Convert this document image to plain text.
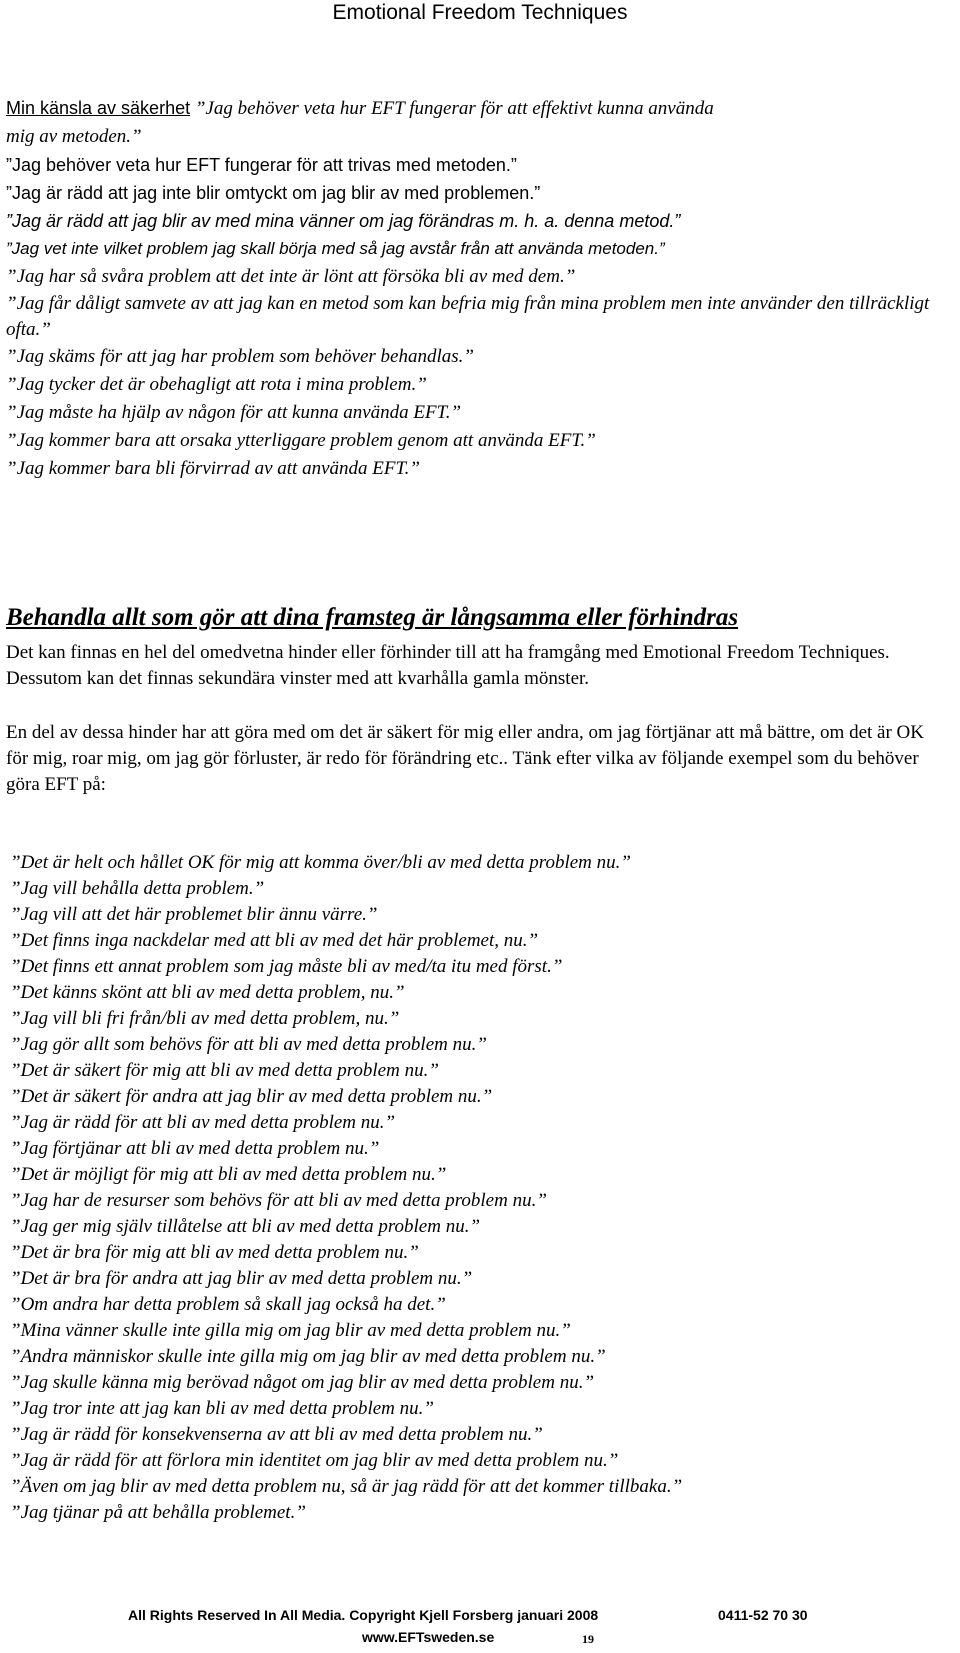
Emotional Freedom Techniques
Min känsla av säkerhet ”Jag behöver veta hur EFT fungerar för att effektivt kunna använda
mig av metoden.”
”Jag behöver veta hur EFT fungerar för att trivas med metoden.”
”Jag är rädd att jag inte blir omtyckt om jag blir av med problemen.”
”Jag är rädd att jag blir av med mina vänner om jag förändras m. h. a. denna metod.”
”Jag vet inte vilket problem jag skall börja med så jag avstår från att använda metoden.”
”Jag har så svåra problem att det inte är lönt att försöka bli av med dem.”
”Jag får dåligt samvete av att jag kan en metod som kan befria mig från mina problem men inte använder den tillräckligt ofta.”
”Jag skäms för att jag har problem som behöver behandlas.”
”Jag tycker det är obehagligt att rota i mina problem.”
”Jag måste ha hjälp av någon för att kunna använda EFT.”
”Jag kommer bara att orsaka ytterliggare problem genom att använda EFT.”
”Jag kommer bara bli förvirrad av att använda EFT.”
Behandla allt som gör att dina framsteg är långsamma eller förhindras
Det kan finnas en hel del omedvetna hinder eller förhinder till att ha framgång med Emotional Freedom Techniques. Dessutom kan det finnas sekundära vinster med att kvarhålla gamla mönster.
En del av dessa hinder har att göra med om det är säkert för mig eller andra, om jag förtjänar att må bättre, om det är OK för mig, roar mig, om jag gör förluster, är redo för förändring etc.. Tänk efter vilka av följande exempel som du behöver göra EFT på:
”Det är helt och hållet OK för mig att komma över/bli av med detta problem nu.”
”Jag vill behålla detta problem.”
”Jag vill att det här problemet blir ännu värre.”
”Det finns inga nackdelar med att bli av med det här problemet, nu.”
”Det finns ett annat problem som jag måste bli av med/ta itu med först.”
”Det känns skönt att bli av med detta problem, nu.”
”Jag vill bli fri från/bli av med detta problem, nu.”
”Jag gör allt som behövs för att bli av med detta problem nu.”
”Det är säkert för mig att bli av med detta problem nu.”
”Det är säkert för andra att jag blir av med detta problem nu.”
”Jag är rädd för att bli av med detta problem nu.”
”Jag förtjänar att bli av med detta problem nu.”
”Det är möjligt för mig att bli av med detta problem nu.”
”Jag har de resurser som behövs för att bli av med detta problem nu.”
”Jag ger mig själv tillåtelse att bli av med detta problem nu.”
”Det är bra för mig att bli av med detta problem nu.”
”Det är bra för andra att jag blir av med detta problem nu.”
”Om andra har detta problem så skall jag också ha det.”
”Mina vänner skulle inte gilla mig om jag blir av med detta problem nu.”
”Andra människor skulle inte gilla mig om jag blir av med detta problem nu.”
”Jag skulle känna mig berövad något om jag blir av med detta problem nu.”
”Jag tror inte att jag kan bli av med detta problem nu.”
”Jag är rädd för konsekvenserna av att bli av med detta problem nu.”
”Jag är rädd för att förlora min identitet om jag blir av med detta problem nu.”
”Även om jag blir av med detta problem nu, så är jag rädd för att det kommer tillbaka.”
”Jag tjänar på att behålla problemet.”
All Rights Reserved In All Media. Copyright Kjell Forsberg januari 2008	0411-52 70 30
www.EFTsweden.se	19
